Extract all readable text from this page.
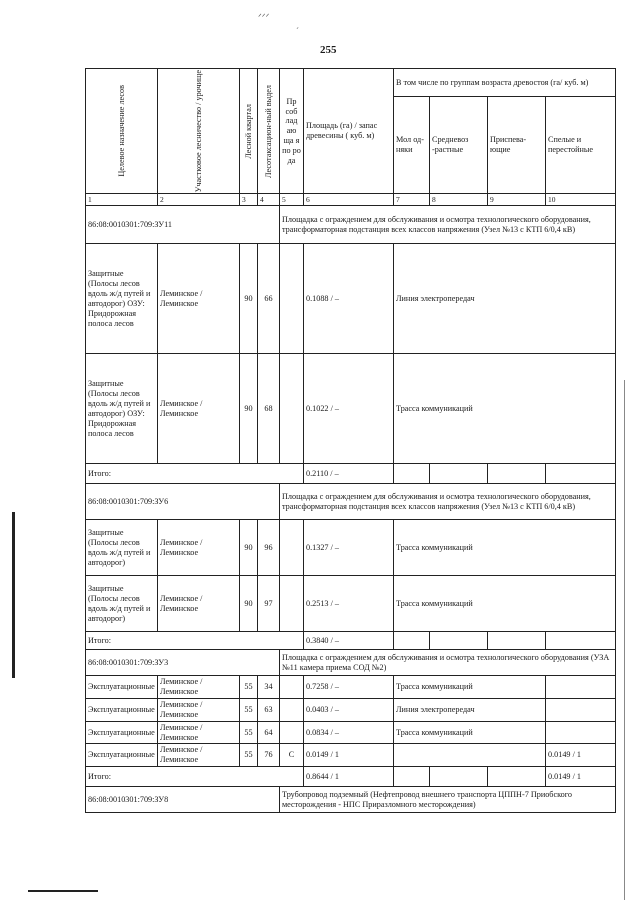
ᐟᐟᐟ
ˊ
255
Целевое назначение лесов	Участковое лесничество / урочище	Лесной квартал	Лесотаксацион-ный выдел	Пр соб лад аю ща я по ро да	Площадь (га) / запас древесины ( куб. м)	В том числе по группам возраста древостоя (га/ куб. м)			
						Мол од-няки	Средневоз -растные	Приспева-ющие	Спелые и перестойные
1	2	3	4	5	6	7	8	9	10
86:08:0010301:709:ЗУ11				Площадка с ограждением для обслуживания и осмотра технологического оборудования, трансформаторная подстанция всех классов напряжения (Узел №13 с КТП 6/0,4 кВ)					
Защитные (Полосы лесов вдоль ж/д путей и автодорог) ОЗУ: Придорожная полоса лесов	Леминское / Леминское	90	66		0.1088 / –	Линия электропередач			
Защитные (Полосы лесов вдоль ж/д путей и автодорог) ОЗУ: Придорожная полоса лесов	Леминское / Леминское	90	68		0.1022 / –	Трасса коммуникаций			
Итого:					0.2110 / –				
86:08:0010301:709:ЗУ6				Площадка с ограждением для обслуживания и осмотра технологического оборудования, трансформаторная подстанция всех классов напряжения (Узел №13 с КТП 6/0,4 кВ)					
Защитные (Полосы лесов вдоль ж/д путей и автодорог)	Леминское / Леминское	90	96		0.1327 / –	Трасса коммуникаций			
Защитные (Полосы лесов вдоль ж/д путей и автодорог)	Леминское / Леминское	90	97		0.2513 / –	Трасса коммуникаций			
Итого:					0.3840 / –				
86:08:0010301:709:ЗУ3				Площадка с ограждением для обслуживания и осмотра технологического оборудования (УЗА №11 камера приема СОД №2)					
Эксплуатационные	Леминское / Леминское	55	34		0.7258 / –	Трасса коммуникаций			
Эксплуатационные	Леминское / Леминское	55	63		0.0403 / –	Линия электропередач			
Эксплуатационные	Леминское / Леминское	55	64		0.0834 / –	Трасса коммуникаций			
Эксплуатационные	Леминское / Леминское	55	76	С	0.0149 / 1				0.0149 / 1
Итого:					0.8644 / 1				0.0149 / 1
86:08:0010301:709:ЗУ8				Трубопровод подземный (Нефтепровод внешнего транспорта ЦППН-7 Приобского месторождения - НПС Приразломного месторождения)					
